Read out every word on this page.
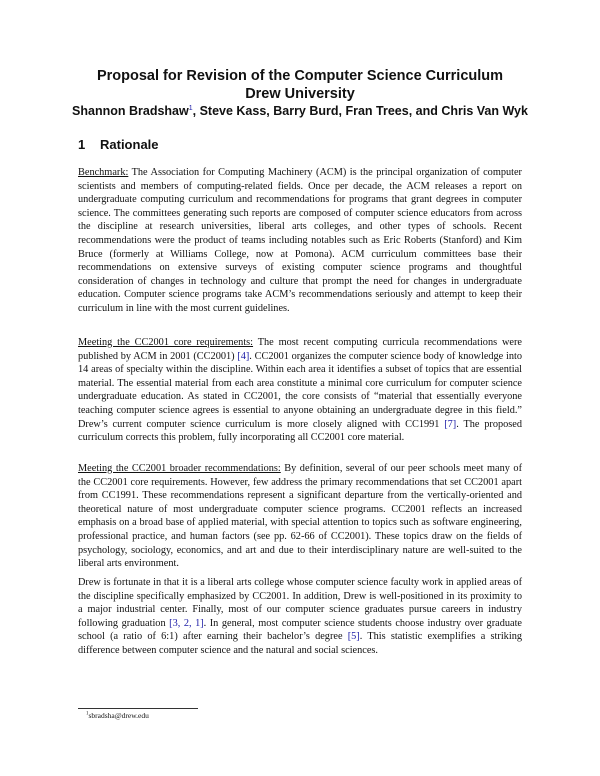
Proposal for Revision of the Computer Science Curriculum
Drew University
Shannon Bradshaw$^1$, Steve Kass, Barry Burd, Fran Trees, and Chris Van Wyk
1 Rationale
Benchmark: The Association for Computing Machinery (ACM) is the principal organization of computer scientists and members of computing-related fields. Once per decade, the ACM releases a report on undergraduate computing curriculum and recommendations for programs that grant degrees in computer science. The committees generating such reports are composed of computer science educators from across the discipline at research universities, liberal arts colleges, and other types of schools. Recent recommendations were the product of teams including notables such as Eric Roberts (Stanford) and Kim Bruce (formerly at Williams College, now at Pomona). ACM curriculum committees base their recommendations on extensive surveys of existing computer science programs and thoughtful consideration of changes in technology and culture that prompt the need for changes in undergraduate education. Computer science programs take ACM’s recommendations seriously and attempt to keep their curriculum in line with the most current guidelines.
Meeting the CC2001 core requirements: The most recent computing curricula recommendations were published by ACM in 2001 (CC2001) [4]. CC2001 organizes the computer science body of knowledge into 14 areas of specialty within the discipline. Within each area it identifies a subset of topics that are essential material. The essential material from each area constitute a minimal core curriculum for computer science undergraduate education. As stated in CC2001, the core consists of “material that essentially everyone teaching computer science agrees is essential to anyone obtaining an undergraduate degree in this field.” Drew’s current computer science curriculum is more closely aligned with CC1991 [7]. The proposed curriculum corrects this problem, fully incorporating all CC2001 core material.
Meeting the CC2001 broader recommendations: By definition, several of our peer schools meet many of the CC2001 core requirements. However, few address the primary recommendations that set CC2001 apart from CC1991. These recommendations represent a significant departure from the vertically-oriented and theoretical nature of most undergraduate computer science programs. CC2001 reflects an increased emphasis on a broad base of applied material, with special attention to topics such as software engineering, professional practice, and human factors (see pp. 62-66 of CC2001). These topics draw on the fields of psychology, sociology, economics, and art and due to their interdisciplinary nature are well-suited to the liberal arts environment.
Drew is fortunate in that it is a liberal arts college whose computer science faculty work in applied areas of the discipline specifically emphasized by CC2001. In addition, Drew is well-positioned in its proximity to a major industrial center. Finally, most of our computer science graduates pursue careers in industry following graduation [3, 2, 1]. In general, most computer science students choose industry over graduate school (a ratio of 6:1) after earning their bachelor’s degree [5]. This statistic exemplifies a striking difference between computer science and the natural and social sciences.
$^1$sbradsha@drew.edu
